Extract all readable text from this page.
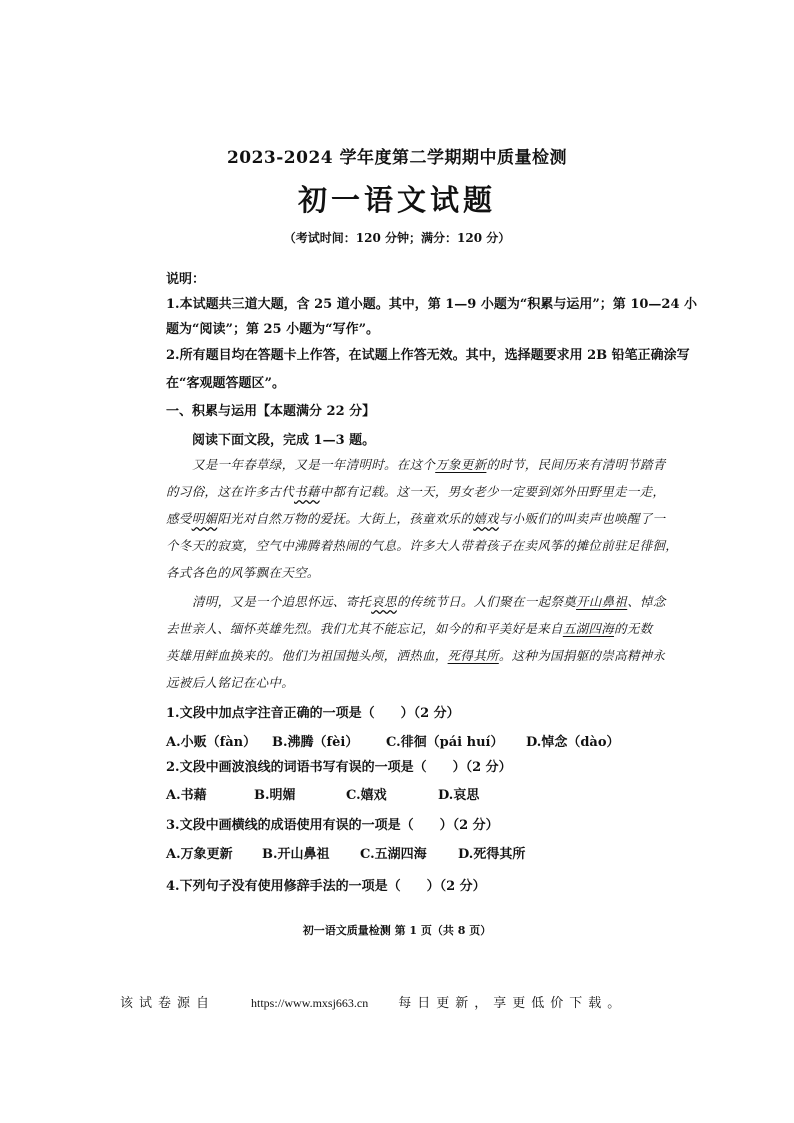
2023-2024 学年度第二学期期中质量检测
初一语文试题
（考试时间：120 分钟；满分：120 分）
说明：
1.本试题共三道大题，含 25 道小题。其中，第 1—9 小题为“积累与运用”；第 10—24 小
题为“阅读”；第 25 小题为“写作”。
2.所有题目均在答题卡上作答，在试题上作答无效。其中，选择题要求用 2B 铅笔正确涂写
在“客观题答题区”。
一、积累与运用【本题满分 22 分】
阅读下面文段，完成 1—3 题。
又是一年春草绿，又是一年清明时。在这个万象更新的时节，民间历来有清明节踏青
的习俗，这在许多古代书藉中都有记载。这一天，男女老少一定要到郊外田野里走一走，
感受明媚阳光对自然万物的爱抚。大街上，孩童欢乐的嬉戏与小贩们的叫卖声也唤醒了一
个冬天的寂寞，空气中沸腾着热闹的气息。许多大人带着孩子在卖风筝的摊位前驻足徘徊，
各式各色的风筝飘在天空。
清明，又是一个追思怀远、寄托哀思的传统节日。人们聚在一起祭奠开山鼻祖、悼念
去世亲人、缅怀英雄先烈。我们尤其不能忘记，如今的和平美好是来自五湖四海的无数
英雄用鲜血换来的。他们为祖国抛头颅，洒热血，死得其所。这种为国捐躯的崇高精神永
远被后人铭记在心中。
1.文段中加点字注音正确的一项是（　　）（2 分）
A.小贩（fàn） B.沸腾（fèi） C.徘徊（pái huí） D.悼念（dào）
2.文段中画波浪线的词语书写有误的一项是（　　）（2 分）
A.书藉	B.明媚	C.嬉戏	D.哀思
3.文段中画横线的成语使用有误的一项是（　　）（2 分）
A.万象更新 B.开山鼻祖 C.五湖四海 D.死得其所
4.下列句子没有使用修辞手法的一项是（　　）（2 分）
初一语文质量检测 第 1 页（共 8 页）
该试卷源自	https://www.mxsj663.cn 每日更新，享更低价下载。
